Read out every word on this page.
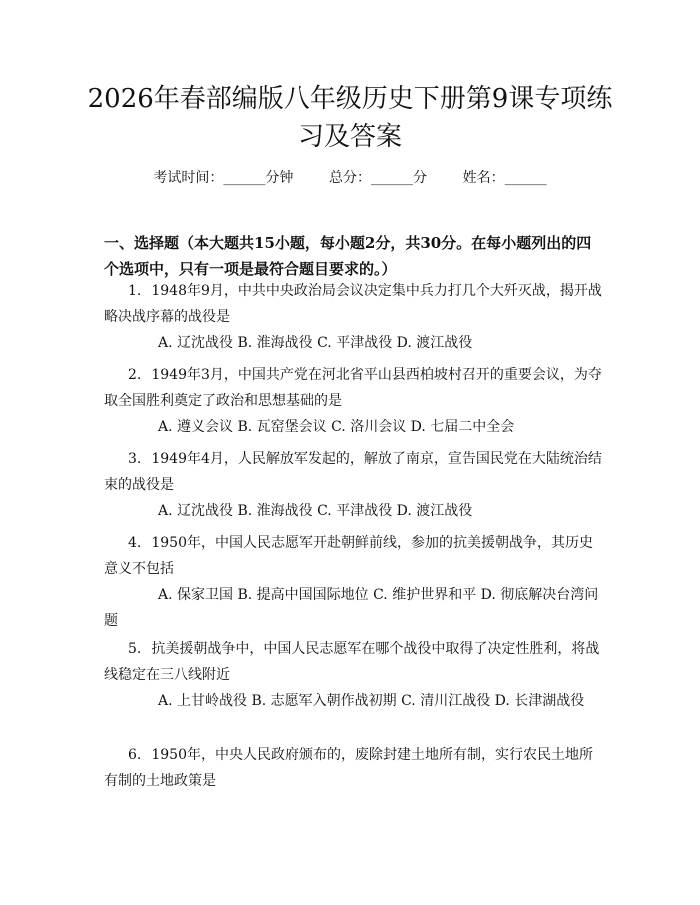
2026年春部编版八年级历史下册第9课专项练习及答案
考试时间：______分钟	总分：______分	姓名：______

一、选择题（本大题共15小题，每小题2分，共30分。在每小题列出的四个选项中，只有一项是最符合题目要求的。）

1. 1948年9月，中共中央政治局会议决定集中兵力打几个大歼灭战，揭开战略决战序幕的战役是

A. 辽沈战役 B. 淮海战役 C. 平津战役 D. 渡江战役

2. 1949年3月，中国共产党在河北省平山县西柏坡村召开的重要会议，为夺取全国胜利奠定了政治和思想基础的是

A. 遵义会议 B. 瓦窑堡会议 C. 洛川会议 D. 七届二中全会

3. 1949年4月，人民解放军发起的，解放了南京，宣告国民党在大陆统治结束的战役是

A. 辽沈战役 B. 淮海战役 C. 平津战役 D. 渡江战役

4. 1950年，中国人民志愿军开赴朝鲜前线，参加的抗美援朝战争，其历史意义不包括

A. 保家卫国 B. 提高中国国际地位 C. 维护世界和平 D. 彻底解决台湾问题

5. 抗美援朝战争中，中国人民志愿军在哪个战役中取得了决定性胜利，将战线稳定在三八线附近

A. 上甘岭战役 B. 志愿军入朝作战初期 C. 清川江战役 D. 长津湖战役

6. 1950年，中央人民政府颁布的，废除封建土地所有制，实行农民土地所有制的土地政策是
